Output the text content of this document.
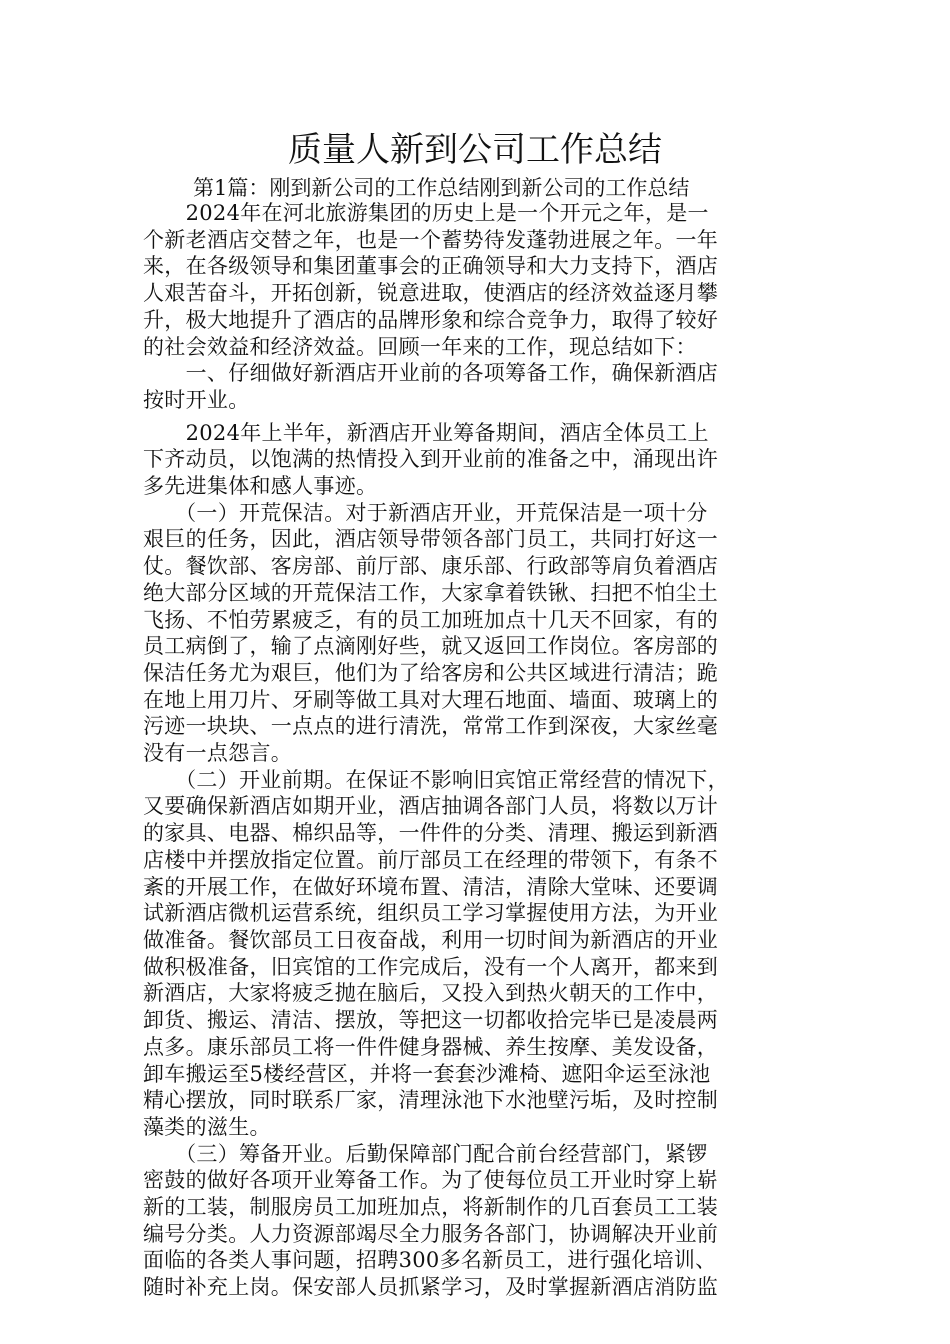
质量人新到公司工作总结

第1篇：刚到新公司的工作总结刚到新公司的工作总结

　　2024年在河北旅游集团的历史上是一个开元之年，是一
个新老酒店交替之年，也是一个蓄势待发蓬勃进展之年。一年
来，在各级领导和集团董事会的正确领导和大力支持下，酒店
人艰苦奋斗，开拓创新，锐意进取，使酒店的经济效益逐月攀
升，极大地提升了酒店的品牌形象和综合竞争力，取得了较好
的社会效益和经济效益。回顾一年来的工作，现总结如下：
　　一、仔细做好新酒店开业前的各项筹备工作，确保新酒店
按时开业。
　　2024年上半年，新酒店开业筹备期间，酒店全体员工上
下齐动员，以饱满的热情投入到开业前的准备之中，涌现出许
多先进集体和感人事迹。
　　（一）开荒保洁。对于新酒店开业，开荒保洁是一项十分
艰巨的任务，因此，酒店领导带领各部门员工，共同打好这一
仗。餐饮部、客房部、前厅部、康乐部、行政部等肩负着酒店
绝大部分区域的开荒保洁工作，大家拿着铁锹、扫把不怕尘土
飞扬、不怕劳累疲乏，有的员工加班加点十几天不回家，有的
员工病倒了，输了点滴刚好些，就又返回工作岗位。客房部的
保洁任务尤为艰巨，他们为了给客房和公共区域进行清洁；跪
在地上用刀片、牙刷等做工具对大理石地面、墙面、玻璃上的
污迹一块块、一点点的进行清洗，常常工作到深夜，大家丝毫
没有一点怨言。
　　（二）开业前期。在保证不影响旧宾馆正常经营的情况下，
又要确保新酒店如期开业，酒店抽调各部门人员，将数以万计
的家具、电器、棉织品等，一件件的分类、清理、搬运到新酒
店楼中并摆放指定位置。前厅部员工在经理的带领下，有条不
紊的开展工作，在做好环境布置、清洁，清除大堂味、还要调
试新酒店微机运营系统，组织员工学习掌握使用方法，为开业
做准备。餐饮部员工日夜奋战，利用一切时间为新酒店的开业
做积极准备，旧宾馆的工作完成后，没有一个人离开，都来到
新酒店，大家将疲乏抛在脑后，又投入到热火朝天的工作中，
卸货、搬运、清洁、摆放，等把这一切都收拾完毕已是凌晨两
点多。康乐部员工将一件件健身器械、养生按摩、美发设备，
卸车搬运至5楼经营区，并将一套套沙滩椅、遮阳伞运至泳池
精心摆放，同时联系厂家，清理泳池下水池壁污垢，及时控制
藻类的滋生。
　　（三）筹备开业。后勤保障部门配合前台经营部门，紧锣
密鼓的做好各项开业筹备工作。为了使每位员工开业时穿上崭
新的工装，制服房员工加班加点，将新制作的几百套员工工装
编号分类。人力资源部竭尽全力服务各部门，协调解决开业前
面临的各类人事问题，招聘300多名新员工，进行强化培训、
随时补充上岗。保安部人员抓紧学习，及时掌握新酒店消防监
